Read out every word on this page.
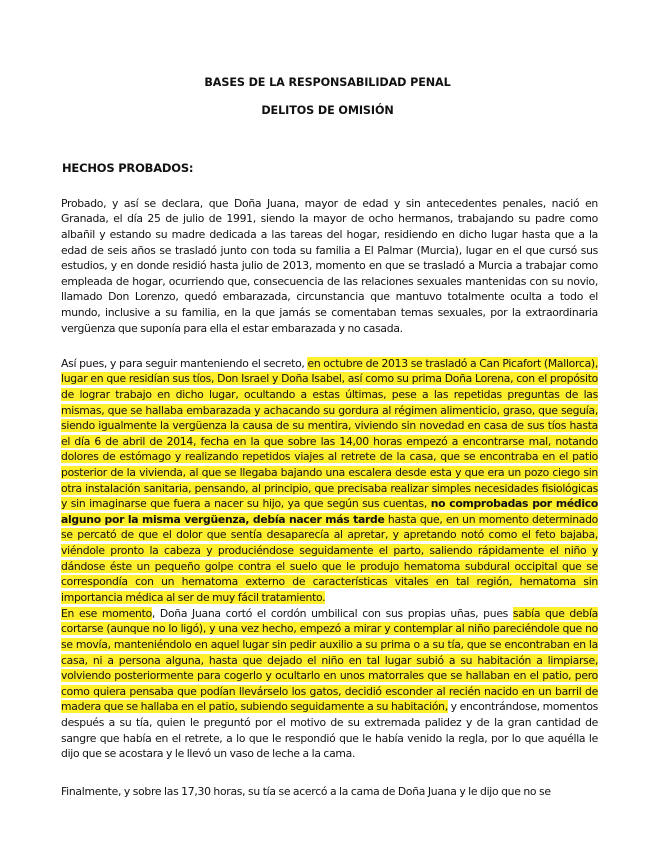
BASES DE LA RESPONSABILIDAD PENAL
DELITOS DE OMISIÓN
HECHOS PROBADOS:

Probado, y así se declara, que Doña Juana, mayor de edad y sin antecedentes penales, nació en Granada, el día 25 de julio de 1991, siendo la mayor de ocho hermanos, trabajando su padre como albañil y estando su madre dedicada a las tareas del hogar, residiendo en dicho lugar hasta que a la edad de seis años se trasladó junto con toda su familia a El Palmar (Murcia), lugar en el que cursó sus estudios, y en donde residió hasta julio de 2013, momento en que se trasladó a Murcia a trabajar como empleada de hogar, ocurriendo que, consecuencia de las relaciones sexuales mantenidas con su novio, llamado Don Lorenzo, quedó embarazada, circunstancia que mantuvo totalmente oculta a todo el mundo, inclusive a su familia, en la que jamás se comentaban temas sexuales, por la extraordinaria vergüenza que suponía para ella el estar embarazada y no casada.

Así pues, y para seguir manteniendo el secreto, en octubre de 2013 se trasladó a Can Picafort (Mallorca), lugar en que residían sus tíos, Don Israel y Doña Isabel, así como su prima Doña Lorena, con el propósito de lograr trabajo en dicho lugar, ocultando a estas últimas, pese a las repetidas preguntas de las mismas, que se hallaba embarazada y achacando su gordura al régimen alimenticio, graso, que seguía, siendo igualmente la vergüenza la causa de su mentira, viviendo sin novedad en casa de sus tíos hasta el día 6 de abril de 2014, fecha en la que sobre las 14,00 horas empezó a encontrarse mal, notando dolores de estómago y realizando repetidos viajes al retrete de la casa, que se encontraba en el patio posterior de la vivienda, al que se llegaba bajando una escalera desde esta y que era un pozo ciego sin otra instalación sanitaria, pensando, al principio, que precisaba realizar simples necesidades fisiológicas y sin imaginarse que fuera a nacer su hijo, ya que según sus cuentas, no comprobadas por médico alguno por la misma vergüenza, debía nacer más tarde hasta que, en un momento determinado se percató de que el dolor que sentía desaparecía al apretar, y apretando notó como el feto bajaba, viéndole pronto la cabeza y produciéndose seguidamente el parto, saliendo rápidamente el niño y dándose éste un pequeño golpe contra el suelo que le produjo hematoma subdural occipital que se correspondía con un hematoma externo de características vitales en tal región, hematoma sin importancia médica al ser de muy fácil tratamiento.

En ese momento, Doña Juana cortó el cordón umbilical con sus propias uñas, pues sabía que debía cortarse (aunque no lo ligó), y una vez hecho, empezó a mirar y contemplar al niño pareciéndole que no se movía, manteniéndolo en aquel lugar sin pedir auxilio a su prima o a su tía, que se encontraban en la casa, ni a persona alguna, hasta que dejado el niño en tal lugar subió a su habitación a limpiarse, volviendo posteriormente para cogerlo y ocultarlo en unos matorrales que se hallaban en el patio, pero como quiera pensaba que podían llevárselo los gatos, decidió esconder al recién nacido en un barril de madera que se hallaba en el patio, subiendo seguidamente a su habitación, y encontrándose, momentos después a su tía, quien le preguntó por el motivo de su extremada palidez y de la gran cantidad de sangre que había en el retrete, a lo que le respondió que le había venido la regla, por lo que aquélla le dijo que se acostara y le llevó un vaso de leche a la cama.

Finalmente, y sobre las 17,30 horas, su tía se acercó a la cama de Doña Juana y le dijo que no se
